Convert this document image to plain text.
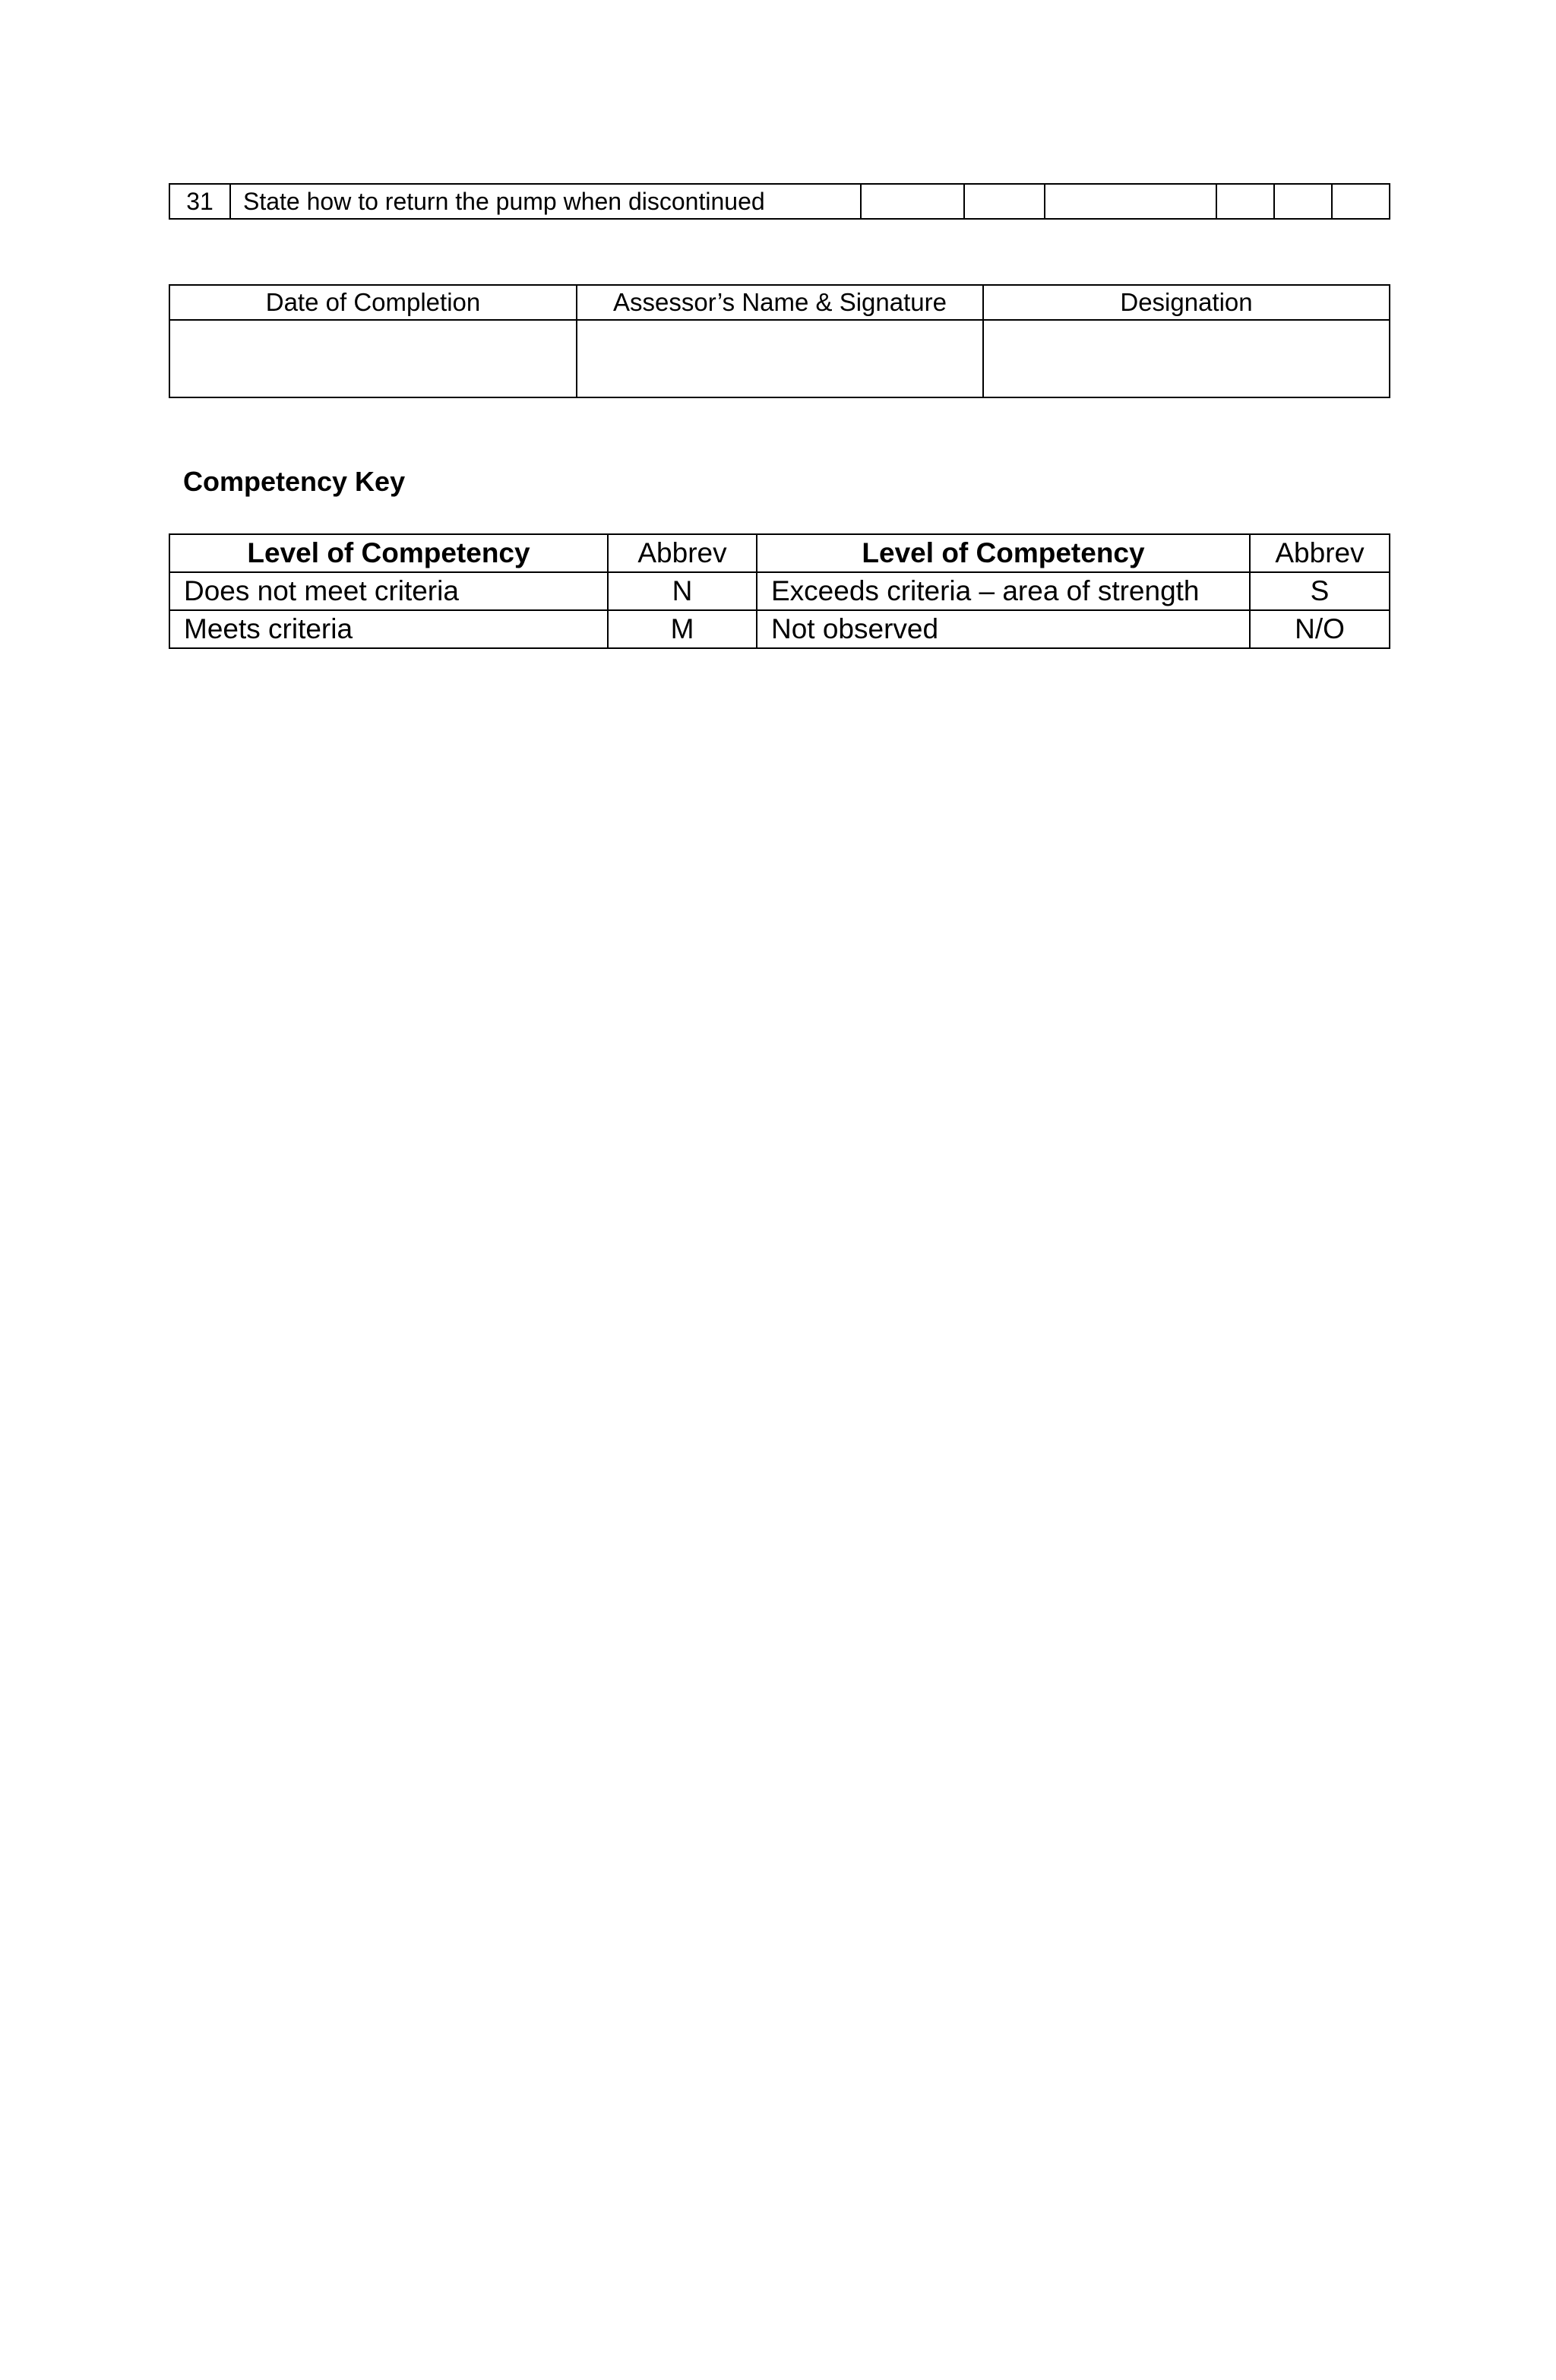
31	State how to return the pump when discontinued						
Date of Completion	Assessor’s Name & Signature	Designation

Competency Key
Level of Competency	Abbrev	Level of Competency	Abbrev
Does not meet criteria	N	Exceeds criteria – area of strength	S
Meets criteria	M	Not observed	N/O
